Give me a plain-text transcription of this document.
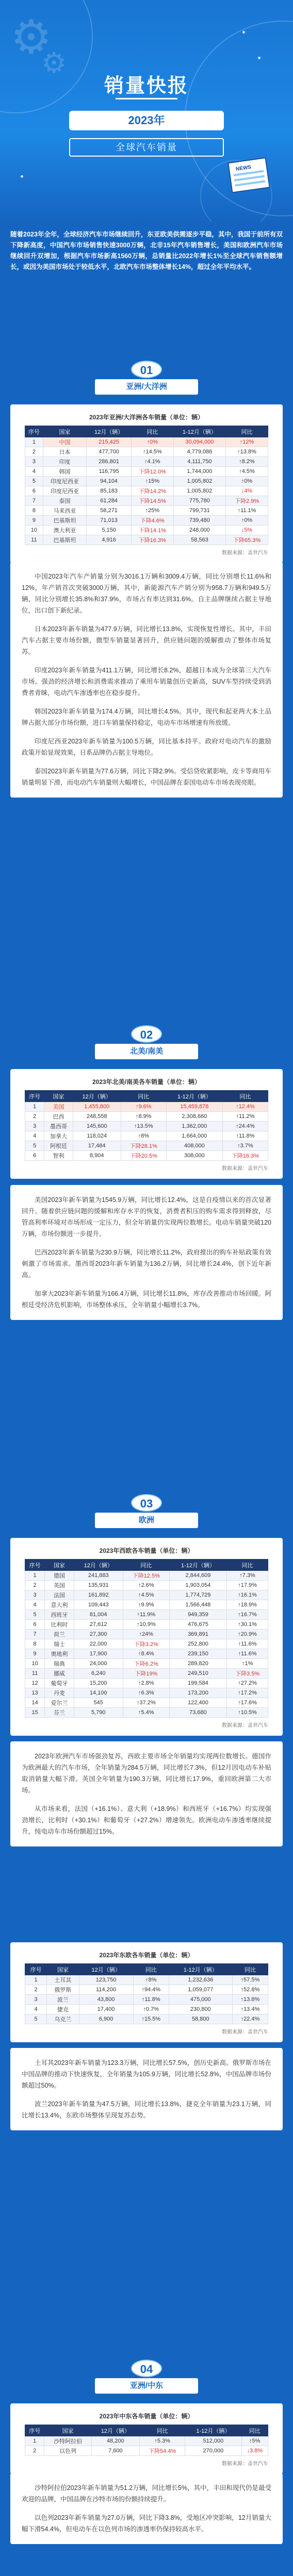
⚙
⚙
销量快报
2023年
全球汽车销量
NEWS
随着2023年全年，全球经济汽车市场继续回升，东亚欧美供需逐步平稳，其中，我国于前所有双下降新高度，中国汽车市场销售快速3000万辆，北非15年汽车销售增长，美国和欧洲汽车市场继续回升双增加，根据汽车市场新高1560万辆，总销量比2022年增长1%至全球汽车销售额增长，或因为美国市场处于较低水平，北欧汽车市场整体增长14%，超过全年平均水平。
01
亚洲/大洋洲
2023年亚洲/大洋洲各车销量（单位：辆）
序号	国家	12月（辆）	同比	1-12月（辆）	同比
1	中国	215,425	↑0%	30,094,000	↑12%
2	日本	477,700	↑14.5%	4,779,086	↑13.8%
3	印度	286,801	↑4.1%	4,111,750	↑8.2%
4	韩国	116,795	下降12.0%	1,744,000	↑4.5%
5	印度尼西亚	94,104	↑15%	1,005,802	↑0%
6	印度尼西亚	85,183	下降14.2%	1,005,802	↓4%
7	泰国	61,284	下降14.5%	775,780	下降2.9%
8	马来西亚	58,271	↑25%	799,731	↑11.1%
9	巴基斯坦	71,013	下降4.6%	739,480	↑0%
10	澳大利亚	5,150	下降14.1%	248,000	↓5%
11	巴基斯坦	4,916	下降16.3%	58,563	下降65.3%
数据来源：盖世汽车

中国2023年汽车产销量分别为3016.1万辆和3009.4万辆，同比分别增长11.6%和12%，年产销首次突破3000万辆，其中，新能源汽车产销分别为958.7万辆和949.5万辆，同比分别增长35.8%和37.9%，市场占有率达到31.6%。自主品牌继续占据主导地位，出口创下新纪录。

日本2023年新车销量为477.9万辆，同比增长13.8%，实现恢复性增长。其中，丰田汽车占据主要市场份额，微型车销量显著回升，供应链问题的缓解推动了整体市场复苏。

印度2023年新车销量为411.1万辆，同比增长8.2%，超越日本成为全球第三大汽车市场。强劲的经济增长和消费需求推动了乘用车销量创历史新高，SUV车型持续受到消费者青睐，电动汽车渗透率也在稳步提升。

韩国2023年新车销量为174.4万辆，同比增长4.5%。其中，现代和起亚两大本土品牌占据大部分市场份额，进口车销量保持稳定，电动车市场增速有所放缓。

印度尼西亚2023年新车销量为100.5万辆，同比基本持平。政府对电动汽车的激励政策开始显现效果，日系品牌仍占据主导地位。

泰国2023年新车销量为77.6万辆，同比下降2.9%。受信贷收紧影响，皮卡等商用车销量明显下滑，而电动汽车销量则大幅增长，中国品牌在泰国电动车市场表现亮眼。

02
北美/南美
2023年北美/南美各车销量（单位：辆）
序号	国家	12月（辆）	同比	1-12月（辆）	同比
1	美国	1,455,800	↑9.6%	15,459,878	↑12.4%
2	巴西	248,558	↑8.9%	2,308,660	↑11.2%
3	墨西哥	145,600	↑13.5%	1,362,000	↑24.4%
4	加拿大	118,024	↑8%	1,664,000	↑11.8%
5	阿根廷	17,484	下降28.1%	408,000	↑3.7%
6	智利	8,904	下降20.5%	308,000	下降16.3%
数据来源：盖世汽车

美国2023年新车销量为1545.9万辆，同比增长12.4%，这是自疫情以来的首次显著回升。随着供应链问题的缓解和库存水平的恢复，消费者积压的购车需求得到释放，尽管高利率环境对市场形成一定压力，但全年销量仍实现两位数增长。电动车销量突破120万辆，市场份额进一步提升。

巴西2023年新车销量为230.9万辆，同比增长11.2%，政府推出的购车补贴政策有效刺激了市场需求。墨西哥2023年新车销量为136.2万辆，同比增长24.4%，创下近年新高。

加拿大2023年新车销量为166.4万辆，同比增长11.8%，库存改善推动市场回暖。阿根廷受经济危机影响，市场整体承压，全年销量小幅增长3.7%。

03
欧洲
2023年西欧各车销量（单位：辆）
序号	国家	12月（辆）	同比	1-12月（辆）	同比
1	德国	241,883	下降12.5%	2,844,609	↑7.3%
2	英国	135,931	↑2.6%	1,903,054	↑17.9%
3	法国	161,892	↑4.5%	1,774,729	↑16.1%
4	意大利	109,443	↑9.9%	1,566,448	↑18.9%
5	西班牙	81,004	↑11.9%	949,359	↑16.7%
6	比利时	27,612	↑10.9%	476,675	↑30.1%
7	荷兰	27,300	↑24%	369,891	↑20.9%
8	瑞士	22,000	下降3.2%	252,800	↑11.6%
9	奥地利	17,900	↑8.4%	239,150	↑11.6%
10	瑞典	24,000	下降6.2%	289,820	↑1%
11	挪威	6,240	下降19%	249,510	下降3.5%
12	葡萄牙	15,200	↑2.8%	199,584	↑27.2%
13	丹麦	14,100	↑6.3%	173,200	↑17.2%
14	爱尔兰	545	↑37.2%	122,400	↑17.6%
15	芬兰	5,790	↑5.4%	73,680	↑10.5%
数据来源：盖世汽车

2023年欧洲汽车市场强劲复苏，西欧主要市场全年销量均实现两位数增长。德国作为欧洲最大的汽车市场，全年销量为284.5万辆，同比增长7.3%，但12月因电动车补贴取消销量大幅下滑。英国全年销量为190.3万辆，同比增长17.9%，重回欧洲第二大市场。

从市场来看，法国（+16.1%）、意大利（+18.9%）和西班牙（+16.7%）均实现强劲增长，比利时（+30.1%）和葡萄牙（+27.2%）增速领先。欧洲电动车渗透率继续提升，纯电动车市场份额超过15%。

2023年东欧各车销量（单位：辆）
序号	国家	12月（辆）	同比	1-12月（辆）	同比
1	土耳其	123,750	↑8%	1,232,636	↑57.5%
2	俄罗斯	114,200	↑94.4%	1,059,077	↑52.8%
3	波兰	43,800	↑11.8%	475,000	↑13.8%
4	捷克	17,400	↑0.7%	230,800	↑13.4%
5	乌克兰	6,900	↑15.5%	58,800	↑22.4%
数据来源：盖世汽车

土耳其2023年新车销量为123.3万辆，同比增长57.5%，创历史新高。俄罗斯市场在中国品牌的推动下快速恢复，全年销量为105.9万辆，同比增长52.8%，中国品牌市场份额超过50%。

波兰2023年新车销量为47.5万辆，同比增长13.8%，捷克全年销量为23.1万辆，同比增长13.4%，东欧市场整体呈现复苏态势。

04
亚洲/中东
2023年中东各车销量（单位：辆）
序号	国家	12月（辆）	同比	1-12月（辆）	同比
1	沙特阿拉伯	48,200	↑5.3%	512,000	↑5%
2	以色列	7,600	下降54.4%	270,000	↓3.8%
数据来源：盖世汽车

沙特阿拉伯2023年新车销量为51.2万辆，同比增长5%，其中，丰田和现代仍是最受欢迎的品牌，中国品牌在沙特市场的份额持续提升。

以色列2023年新车销量为27.0万辆，同比下降3.8%，受地区冲突影响，12月销量大幅下滑54.4%，但电动车在以色列市场的渗透率仍保持较高水平。
